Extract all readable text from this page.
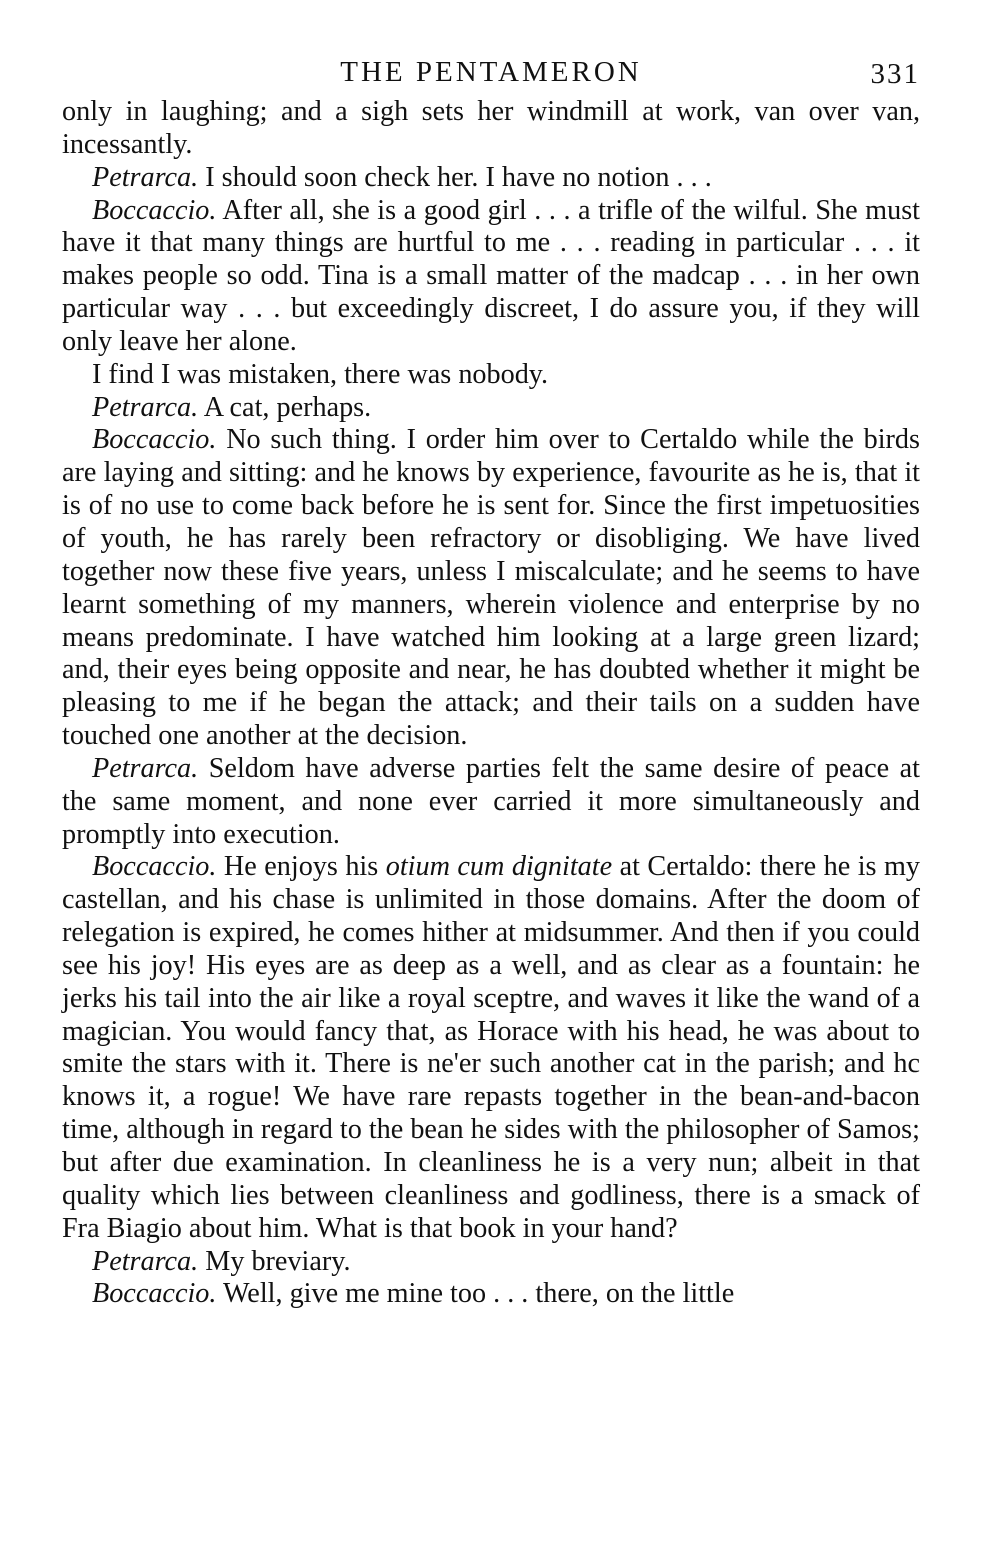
THE PENTAMERON	331

only in laughing; and a sigh sets her windmill at work, van over van, incessantly.

Petrarca. I should soon check her. I have no notion . . .

Boccaccio. After all, she is a good girl . . . a trifle of the wilful. She must have it that many things are hurtful to me . . . reading in particular . . . it makes people so odd. Tina is a small matter of the madcap . . . in her own particular way . . . but exceedingly discreet, I do assure you, if they will only leave her alone.

I find I was mistaken, there was nobody.

Petrarca. A cat, perhaps.

Boccaccio. No such thing. I order him over to Certaldo while the birds are laying and sitting: and he knows by experience, favourite as he is, that it is of no use to come back before he is sent for. Since the first impetuosities of youth, he has rarely been refractory or disobliging. We have lived together now these five years, unless I miscalculate; and he seems to have learnt something of my manners, wherein violence and enterprise by no means predominate. I have watched him looking at a large green lizard; and, their eyes being opposite and near, he has doubted whether it might be pleasing to me if he began the attack; and their tails on a sudden have touched one another at the decision.

Petrarca. Seldom have adverse parties felt the same desire of peace at the same moment, and none ever carried it more simultaneously and promptly into execution.

Boccaccio. He enjoys his otium cum dignitate at Certaldo: there he is my castellan, and his chase is unlimited in those domains. After the doom of relegation is expired, he comes hither at midsummer. And then if you could see his joy! His eyes are as deep as a well, and as clear as a fountain: he jerks his tail into the air like a royal sceptre, and waves it like the wand of a magician. You would fancy that, as Horace with his head, he was about to smite the stars with it. There is ne'er such another cat in the parish; and hc knows it, a rogue! We have rare repasts together in the bean-and-bacon time, although in regard to the bean he sides with the philosopher of Samos; but after due examination. In cleanliness he is a very nun; albeit in that quality which lies between cleanliness and godliness, there is a smack of Fra Biagio about him. What is that book in your hand?

Petrarca. My breviary.

Boccaccio. Well, give me mine too . . . there, on the little
